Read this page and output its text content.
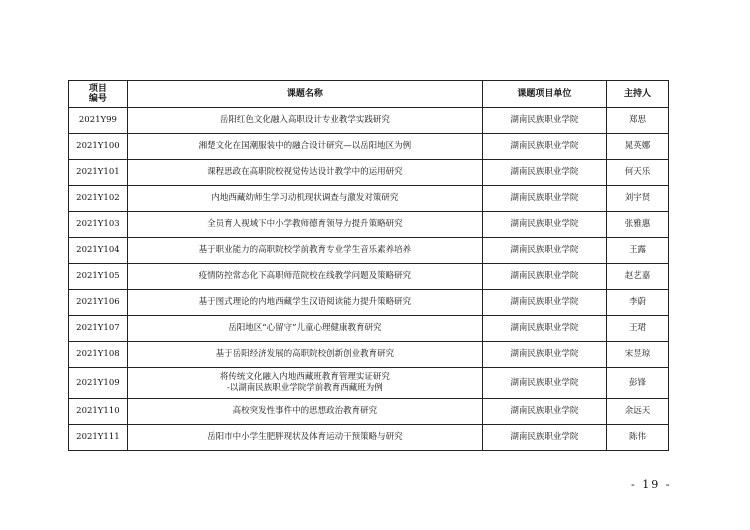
项目
编号	课题名称	课题项目单位	主持人
2021Y99	岳阳红色文化融入高职设计专业教学实践研究	湖南民族职业学院	郑思
2021Y100	湘楚文化在国潮服装中的融合设计研究—以岳阳地区为例	湖南民族职业学院	晁英娜
2021Y101	课程思政在高职院校视觉传达设计教学中的运用研究	湖南民族职业学院	何天乐
2021Y102	内地西藏幼师生学习动机现状调查与激发对策研究	湖南民族职业学院	刘宇贤
2021Y103	全员育人视域下中小学教师德育领导力提升策略研究	湖南民族职业学院	张雅惠
2021Y104	基于职业能力的高职院校学前教育专业学生音乐素养培养	湖南民族职业学院	王露
2021Y105	疫情防控常态化下高职师范院校在线教学问题及策略研究	湖南民族职业学院	赵艺嘉
2021Y106	基于图式理论的内地西藏学生汉语阅读能力提升策略研究	湖南民族职业学院	李蔚
2021Y107	岳阳地区“心留守”儿童心理健康教育研究	湖南民族职业学院	王珺
2021Y108	基于岳阳经济发展的高职院校创新创业教育研究	湖南民族职业学院	宋昱琼
2021Y109	将传统文化融入内地西藏班教育管理实证研究
-以湖南民族职业学院学前教育西藏班为例	湖南民族职业学院	彭锋
2021Y110	高校突发性事件中的思想政治教育研究	湖南民族职业学院	余远天
2021Y111	岳阳市中小学生肥胖现状及体育运动干预策略与研究	湖南民族职业学院	陈伟
- 19 -
